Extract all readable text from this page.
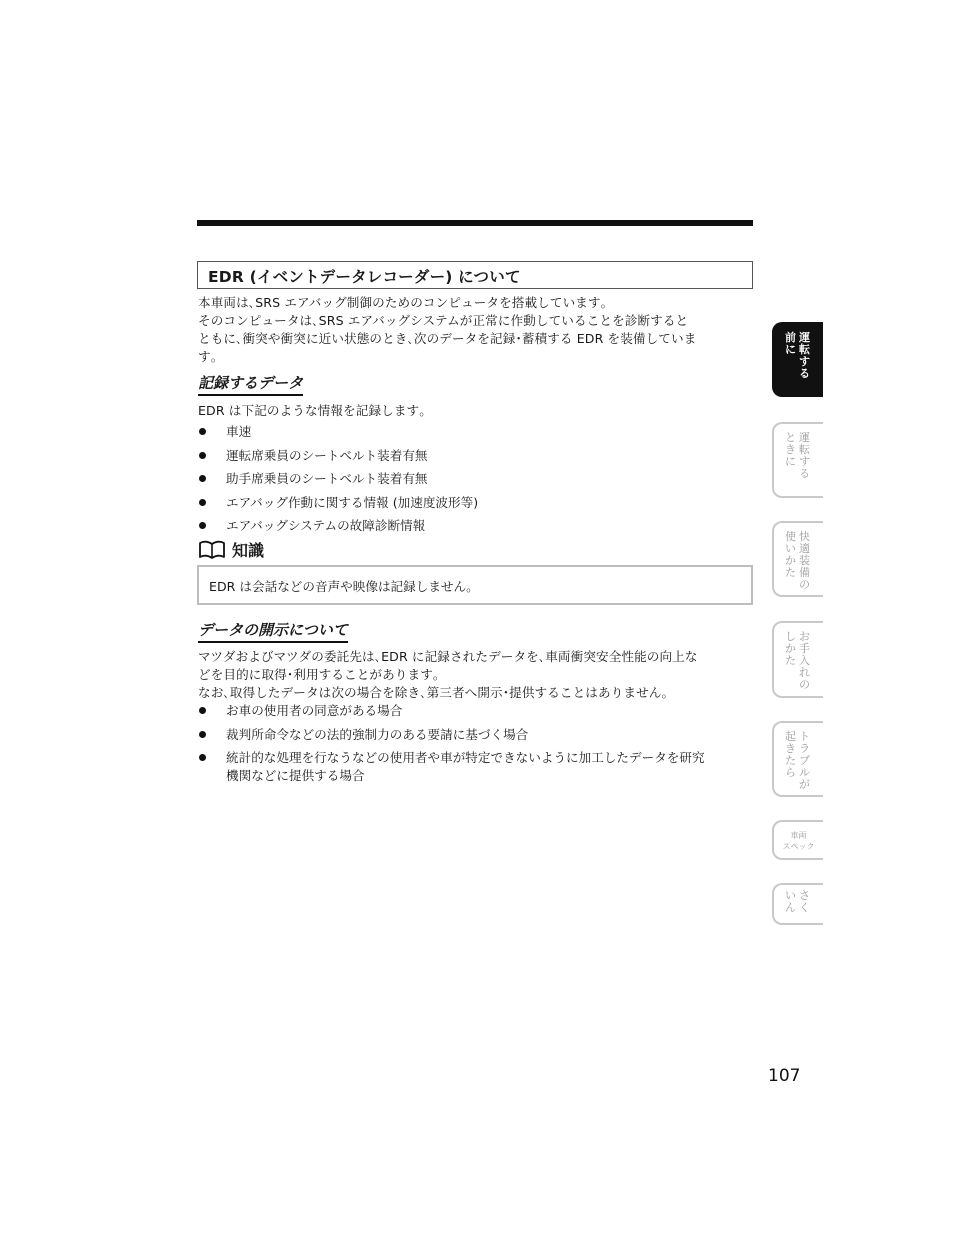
EDR (イベントデータレコーダー) について
本車両は､SRS エアバッグ制御のためのコンピュータを搭載しています｡
そのコンピュータは､SRS エアバッグシステムが正常に作動していることを診断すると
ともに､衝突や衝突に近い状態のとき､次のデータを記録･蓄積する EDR を装備していま
す｡
記録するデータ
EDR は下記のような情報を記録します｡
車速
運転席乗員のシートベルト装着有無
助手席乗員のシートベルト装着有無
エアバッグ作動に関する情報 (加速度波形等)
エアバッグシステムの故障診断情報
知識
EDR は会話などの音声や映像は記録しません｡
データの開示について
マツダおよびマツダの委託先は､EDR に記録されたデータを､車両衝突安全性能の向上な
どを目的に取得･利用することがあります｡
なお､取得したデータは次の場合を除き､第三者へ開示･提供することはありません｡
お車の使用者の同意がある場合
裁判所命令などの法的強制力のある要請に基づく場合
統計的な処理を行なうなどの使用者や車が特定できないように加工したデータを研究
機関などに提供する場合
運
転
す
る
前
に
運
転
す
る
と
き
に
快
適
装
備
の
使
い
か
た
お
手
入
れ
の
し
か
た
ト
ラ
ブ
ル
が
起
き
た
ら
車両
スペック
さ
く
い
ん
107
